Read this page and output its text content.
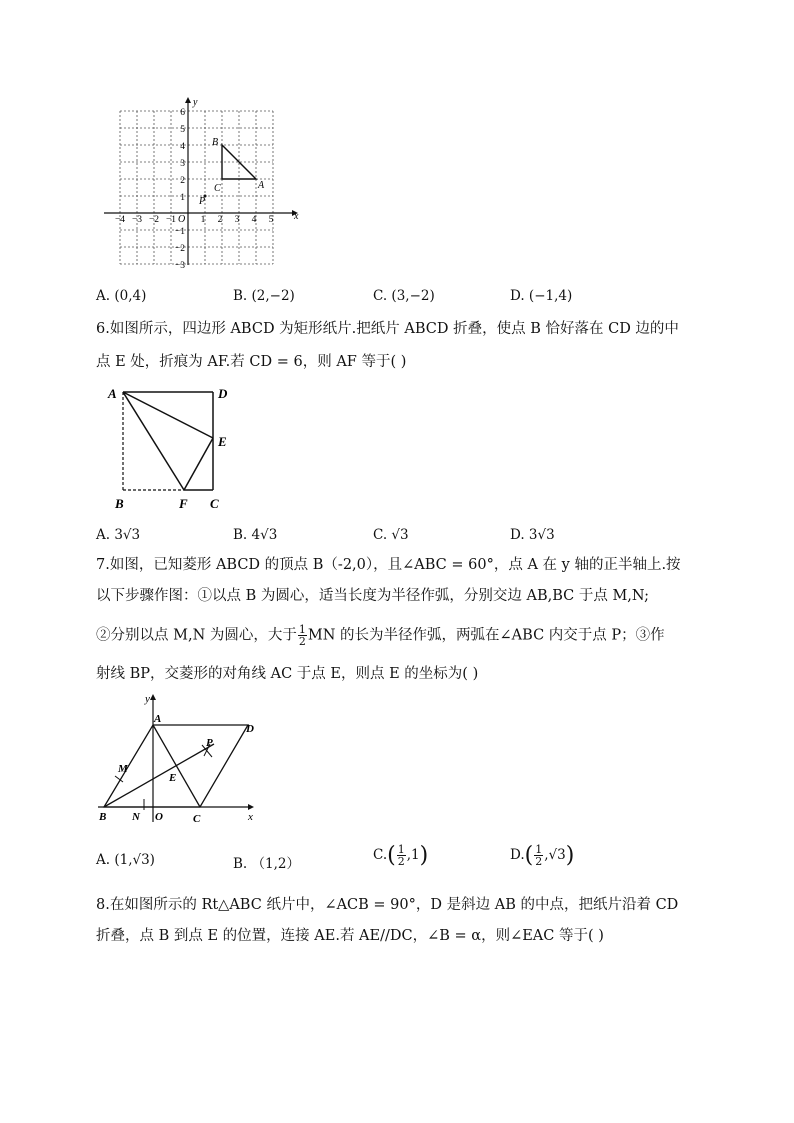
x
y
O
−4 −3 −2 −1	1 2 3 4 5
6
5
4
3
2
1
−1
−2
−3
B
C	A
P
A. (0,4)	B. (2,−2)	C. (3,−2)	D. (−1,4)
6.如图所示，四边形 ABCD 为矩形纸片.把纸片 ABCD 折叠，使点 B 恰好落在 CD 边的中
点 E 处，折痕为 AF.若 CD = 6，则 AF 等于( )
A	D
E
B	F C
A. 3√3	B. 4√3	C. √3	D. 3√3
7.如图，已知菱形 ABCD 的顶点 B（-2,0），且∠ABC = 60°，点 A 在 y 轴的正半轴上.按
以下步骤作图：①以点 B 为圆心，适当长度为半径作弧，分别交边 AB,BC 于点 M,N;
②分别以点 M,N 为圆心，大于 $\frac{1}{2}$ MN 的长为半径作弧，两弧在∠ABC 内交于点 P；③作
射线 BP，交菱形的对角线 AC 于点 E，则点 E 的坐标为( )
y
A
D
P
M
E
B N O	C	x
A. (1,√3)	B. （1,2）
$C.( \frac{1}{2} ,1)$	$D.( \frac{1}{2} ,√3)$
8.在如图所示的 Rt△ABC 纸片中，∠ACB = 90°，D 是斜边 AB 的中点，把纸片沿着 CD
折叠，点 B 到点 E 的位置，连接 AE.若 AE//DC，∠B = α，则∠EAC 等于( )
